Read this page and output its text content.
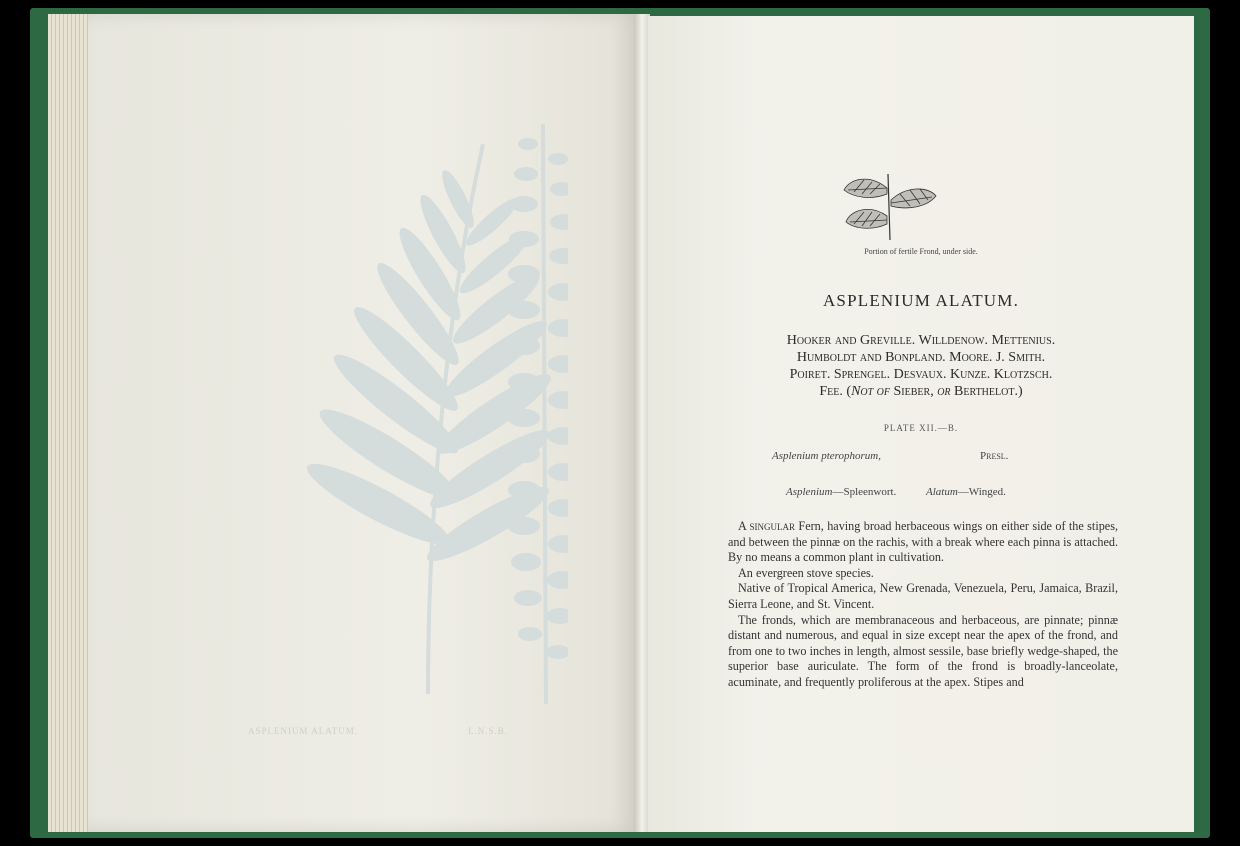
ASPLENIUM ALATUM.	L.N.S.B.
Portion of fertile Frond, under side.
ASPLENIUM ALATUM.
Hooker and Greville. Willdenow. Mettenius.
Humboldt and Bonpland. Moore. J. Smith.
Poiret. Sprengel. Desvaux. Kunze. Klotzsch.
Fee. (Not of Sieber, or Berthelot.)
PLATE XII.—B.
Asplenium pterophorum,	Presl.
Asplenium—Spleenwort.	Alatum—Winged.

A singular Fern, having broad herbaceous wings on either side of the stipes, and between the pinnæ on the rachis, with a break where each pinna is attached. By no means a common plant in cultivation.

An evergreen stove species.

Native of Tropical America, New Grenada, Venezuela, Peru, Jamaica, Brazil, Sierra Leone, and St. Vincent.

The fronds, which are membranaceous and herbaceous, are pinnate; pinnæ distant and numerous, and equal in size except near the apex of the frond, and from one to two inches in length, almost sessile, base briefly wedge-shaped, the superior base auriculate. The form of the frond is broadly-lanceolate, acuminate, and frequently proliferous at the apex. Stipes and
